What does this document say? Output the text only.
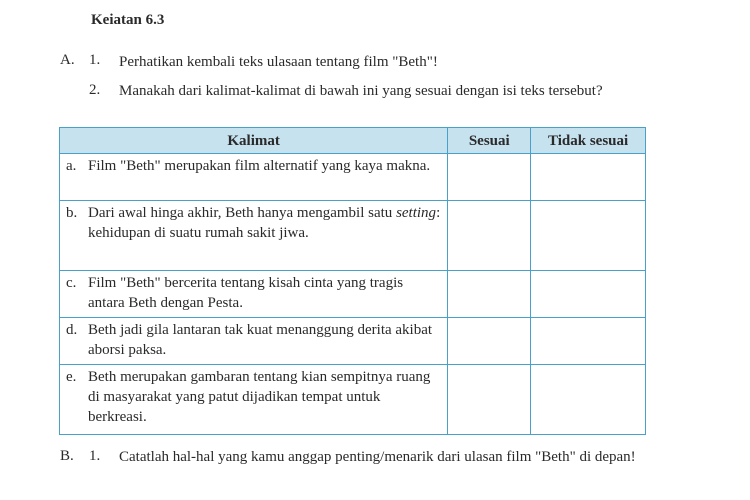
Keiatan 6.3
A. 1. Perhatikan kembali teks ulasaan tentang film "Beth"!
2. Manakah dari kalimat-kalimat di bawah ini yang sesuai dengan isi teks tersebut?
Kalimat	Sesuai	Tidak sesuai

a. Film "Beth" merupakan film alternatif yang kaya makna.		

b. Dari awal hinga akhir, Beth hanya mengambil satu setting: kehidupan di suatu rumah sakit jiwa.		

c. Film "Beth" bercerita tentang kisah cinta yang tragis antara Beth dengan Pesta.		

d. Beth jadi gila lantaran tak kuat menanggung derita akibat aborsi paksa.		

e. Beth merupakan gambaran tentang kian sempitnya ruang di masyarakat yang patut dijadikan tempat untuk berkreasi.		

B. 1. Catatlah hal-hal yang kamu anggap penting/menarik dari ulasan film "Beth" di depan!
